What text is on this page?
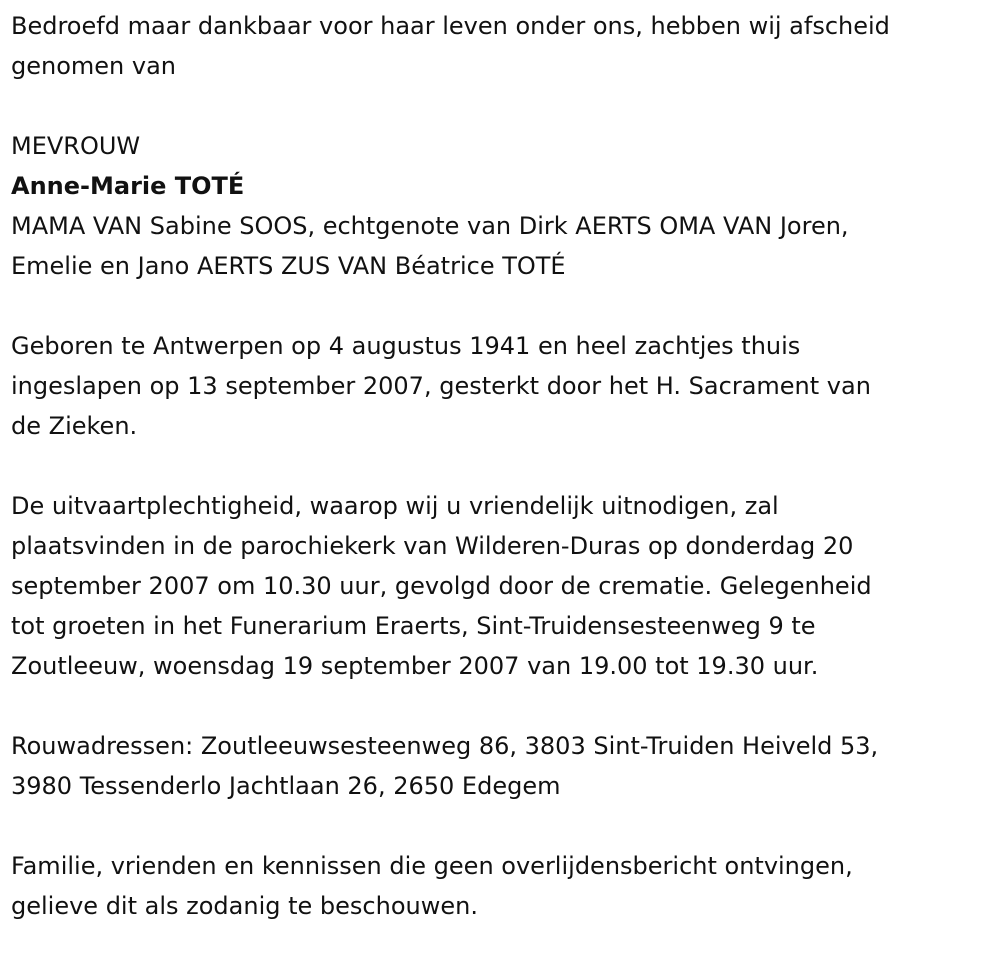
Bedroefd maar dankbaar voor haar leven onder ons, hebben wij afscheid
genomen van
MEVROUW
Anne-Marie TOTÉ
MAMA VAN Sabine SOOS, echtgenote van Dirk AERTS OMA VAN Joren,
Emelie en Jano AERTS ZUS VAN Béatrice TOTÉ
Geboren te Antwerpen op 4 augustus 1941 en heel zachtjes thuis
ingeslapen op 13 september 2007, gesterkt door het H. Sacrament van
de Zieken.
De uitvaartplechtigheid, waarop wij u vriendelijk uitnodigen, zal
plaatsvinden in de parochiekerk van Wilderen-Duras op donderdag 20
september 2007 om 10.30 uur, gevolgd door de crematie. Gelegenheid
tot groeten in het Funerarium Eraerts, Sint-Truidensesteenweg 9 te
Zoutleeuw, woensdag 19 september 2007 van 19.00 tot 19.30 uur.
Rouwadressen: Zoutleeuwsesteenweg 86, 3803 Sint-Truiden Heiveld 53,
3980 Tessenderlo Jachtlaan 26, 2650 Edegem
Familie, vrienden en kennissen die geen overlijdensbericht ontvingen,
gelieve dit als zodanig te beschouwen.
